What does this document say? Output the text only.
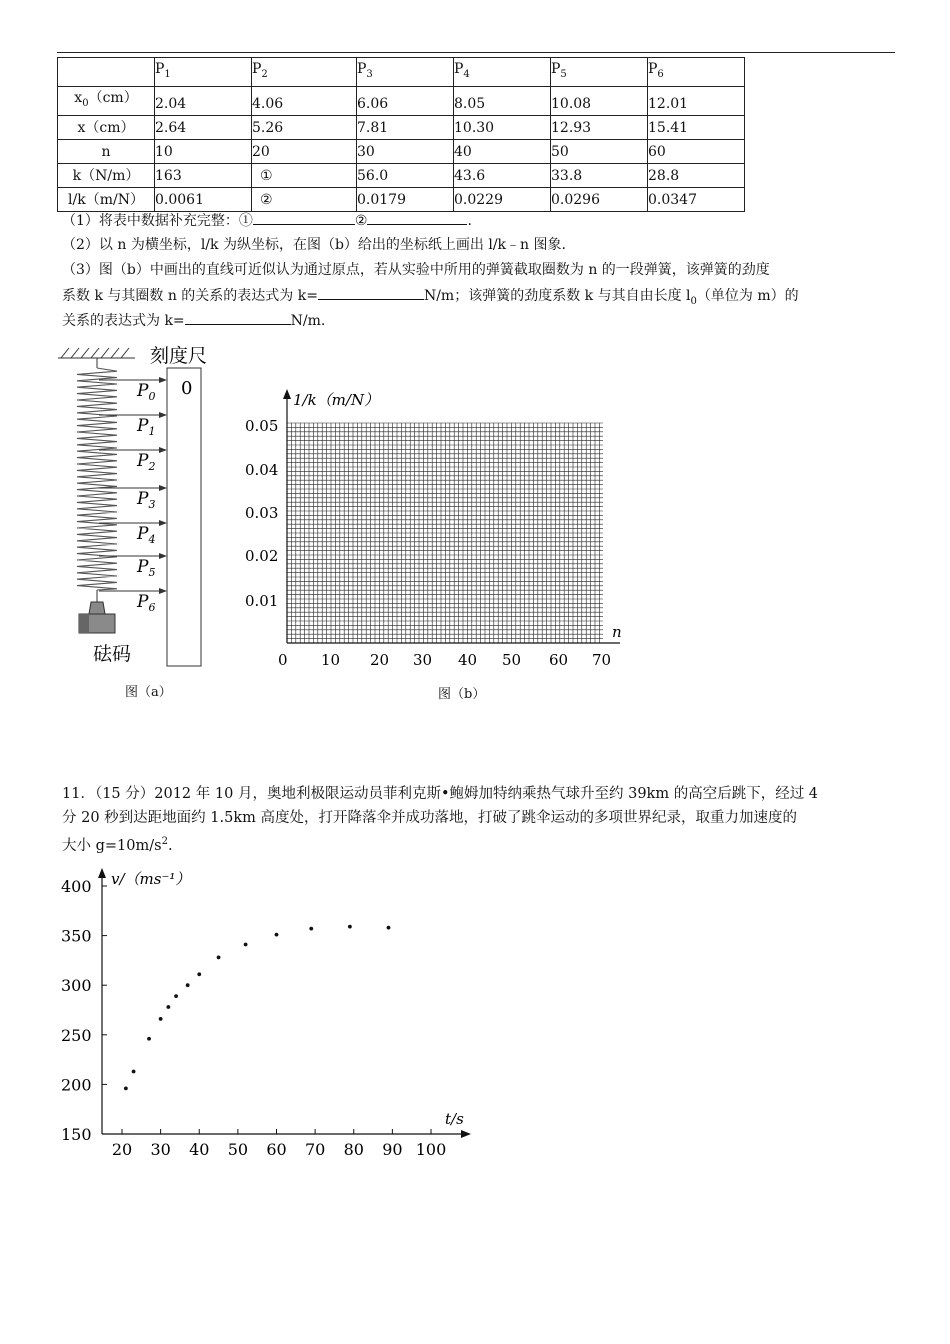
	$P_1$	$P_2$	$P_3$	$P_4$	$P_5$	$P_6$
$x_0(cm)$	2.04	4.06	6.06	8.05	10.08	12.01
x（cm）	2.64	5.26	7.81	10.30	12.93	15.41
n	10	20	30	40	50	60
k（N/m）	163	①	56.0	43.6	33.8	28.8
l/k（m/N）	0.0061	②	0.0179	0.0229	0.0296	0.0347
（1）将表中数据补充完整：①	②	.
（2）以 n 为横坐标，l/k 为纵坐标，在图（b）给出的坐标纸上画出 l/k﹣n 图象.
（3）图（b）中画出的直线可近似认为通过原点，若从实验中所用的弹簧截取圈数为 n 的一段弹簧，该弹簧的劲度
系数 k 与其圈数 n 的关系的表达式为 k=	N/m；该弹簧的劲度系数 k 与其自由长度 $l_0$（单位为 m）的
关系的表达式为 k=	N/m.
砝码
刻度尺
0
$P_0$
$P_1$
$P_2$
$P_3$
$P_4$
$P_5$
$P_6$
图（a）
1/k（m/N）
n
0.05
0.04
0.03
0.02
0.01
0 10 20 30 40 50 60 70
图（b）
11．（15 分）2012 年 10 月，奥地利极限运动员菲利克斯•鲍姆加特纳乘热气球升至约 39km 的高空后跳下，经过 4
分 20 秒到达距地面约 1.5km 高度处，打开降落伞并成功落地，打破了跳伞运动的多项世界纪录，取重力加速度的
大小 $g=10m/s^2$.
v/（ms⁻¹）
t/s
400
350
300
250
200
150
20 30 40 50 60 70 80 90 100
